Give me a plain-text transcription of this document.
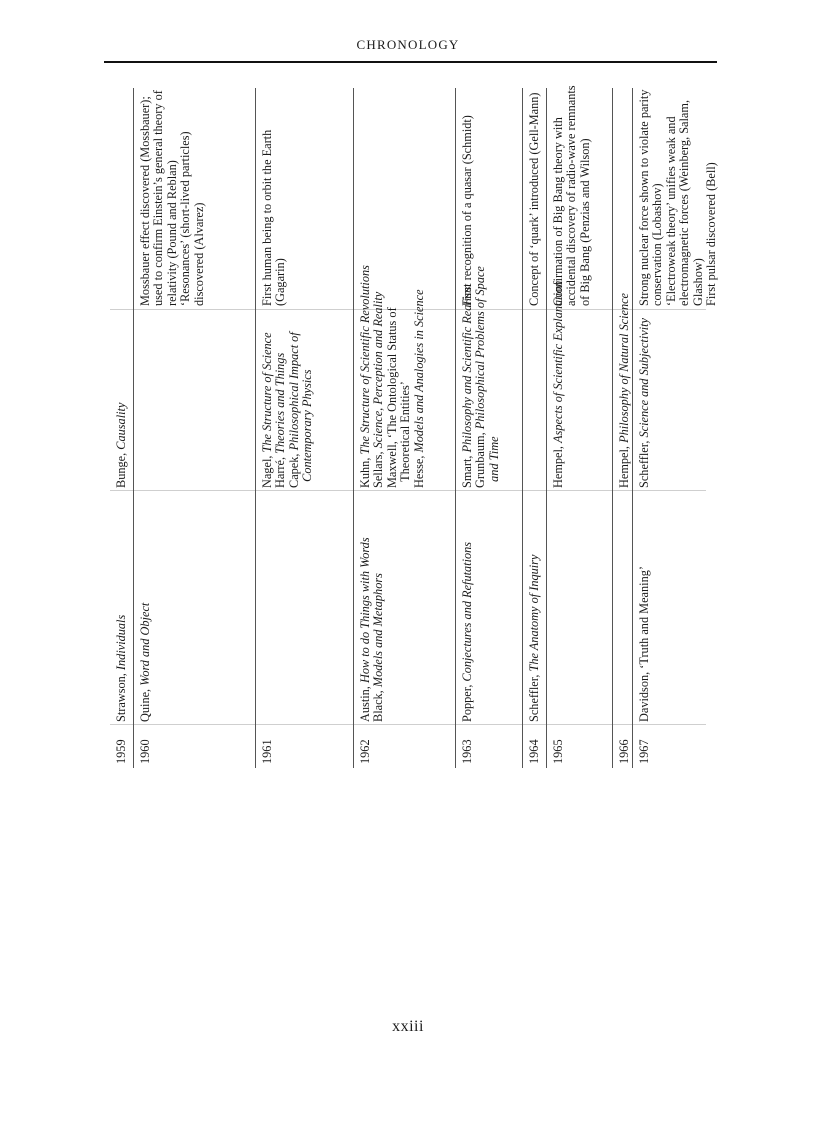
CHRONOLOGY
1959
Strawson, Individuals
Bunge, Causality
1960
Quine, Word and Object
Mossbauer effect discovered (Mossbauer); used to confirm Einstein’s general theory of relativity (Pound and Reblan) ‘Resonances’ (short-lived particles) discovered (Alvarez)
1961
Nagel, The Structure of Science
Harré, Theories and Things
Capek, Philosophical Impact of Contemporary Physics
First human being to orbit the Earth (Gagarin)
1962
Austin, How to do Things with Words
Black, Models and Metaphors
Kuhn, The Structure of Scientific Revolutions
Sellars, Science, Perception and Reality Maxwell, ‘The Ontological Status of Theoretical Entities’ Hesse, Models and Analogies in Science
1963
Popper, Conjectures and Refutations
Smart, Philosophy and Scientific Realism
Grunbaum, Philosophical Problems of Space
and Time
First recognition of a quasar (Schmidt)
1964
Scheffler, The Anatomy of Inquiry
Concept of ‘quark’ introduced (Gell-Mann)
1965
Hempel, Aspects of Scientific Explanation
Confirmation of Big Bang theory with accidental discovery of radio-wave remnants of Big Bang (Penzias and Wilson)
1966
Hempel, Philosophy of Natural Science
1967
Davidson, ‘Truth and Meaning’
Scheffler, Science and Subjectivity
Strong nuclear force shown to violate parity conservation (Lobashov) ‘Electroweak theory’ unifies weak and electromagnetic forces (Weinberg, Salam, Glashow) First pulsar discovered (Bell)
xxiii
